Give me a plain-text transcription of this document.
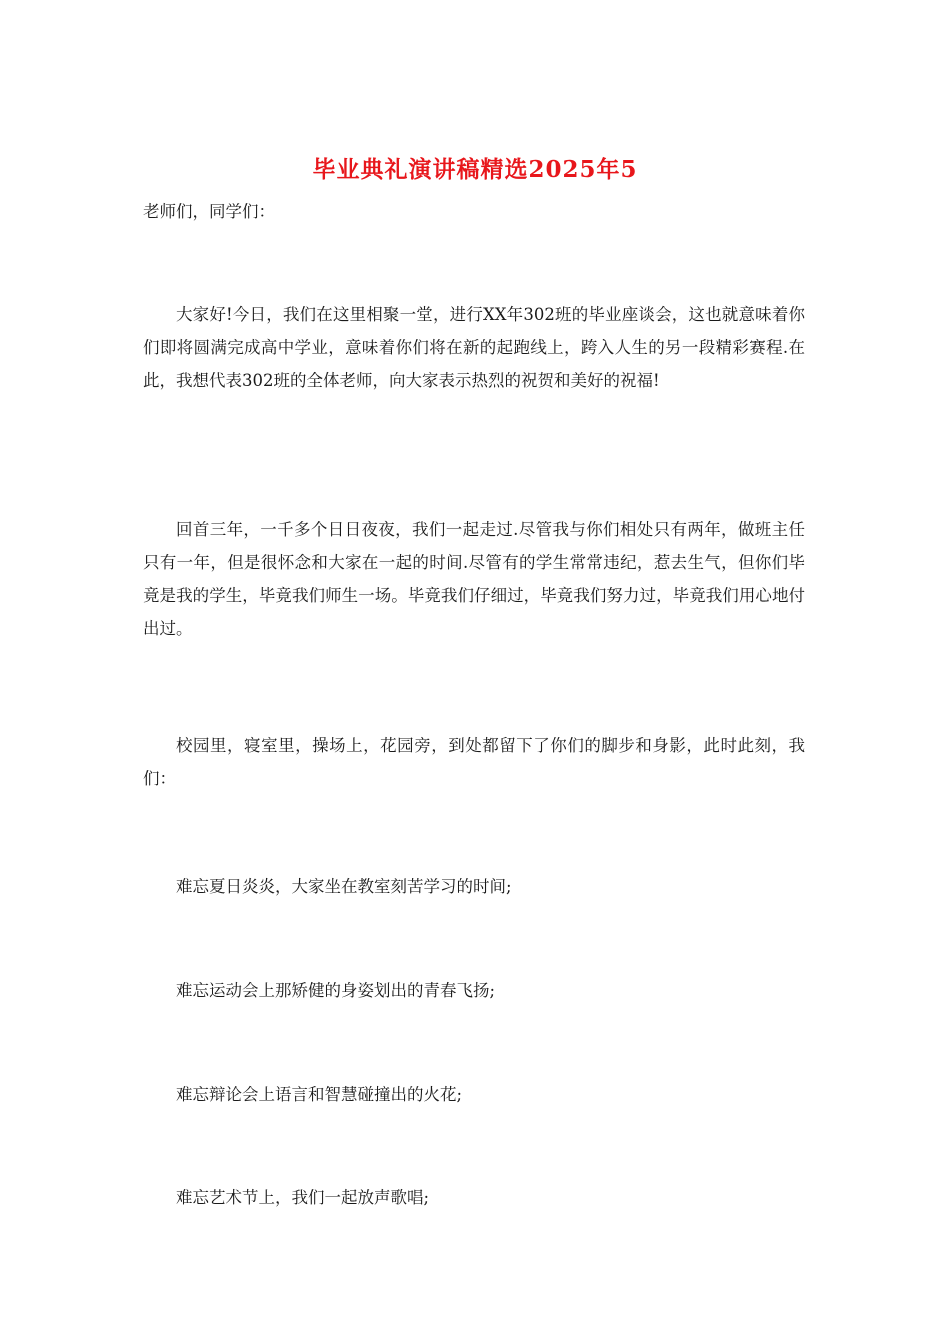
毕业典礼演讲稿精选2025年5

老师们，同学们：

大家好!今日，我们在这里相聚一堂，进行XX年302班的毕业座谈会，这也就意味着你们即将圆满完成高中学业，意味着你们将在新的起跑线上，跨入人生的另一段精彩赛程.在此，我想代表302班的全体老师，向大家表示热烈的祝贺和美好的祝福!

回首三年，一千多个日日夜夜，我们一起走过.尽管我与你们相处只有两年，做班主任只有一年，但是很怀念和大家在一起的时间.尽管有的学生常常违纪，惹去生气，但你们毕竟是我的学生，毕竟我们师生一场。毕竟我们仔细过，毕竟我们努力过，毕竟我们用心地付出过。

校园里，寝室里，操场上，花园旁，到处都留下了你们的脚步和身影，此时此刻，我们：

难忘夏日炎炎，大家坐在教室刻苦学习的时间;

难忘运动会上那矫健的身姿划出的青春飞扬;

难忘辩论会上语言和智慧碰撞出的火花;

难忘艺术节上，我们一起放声歌唱;
